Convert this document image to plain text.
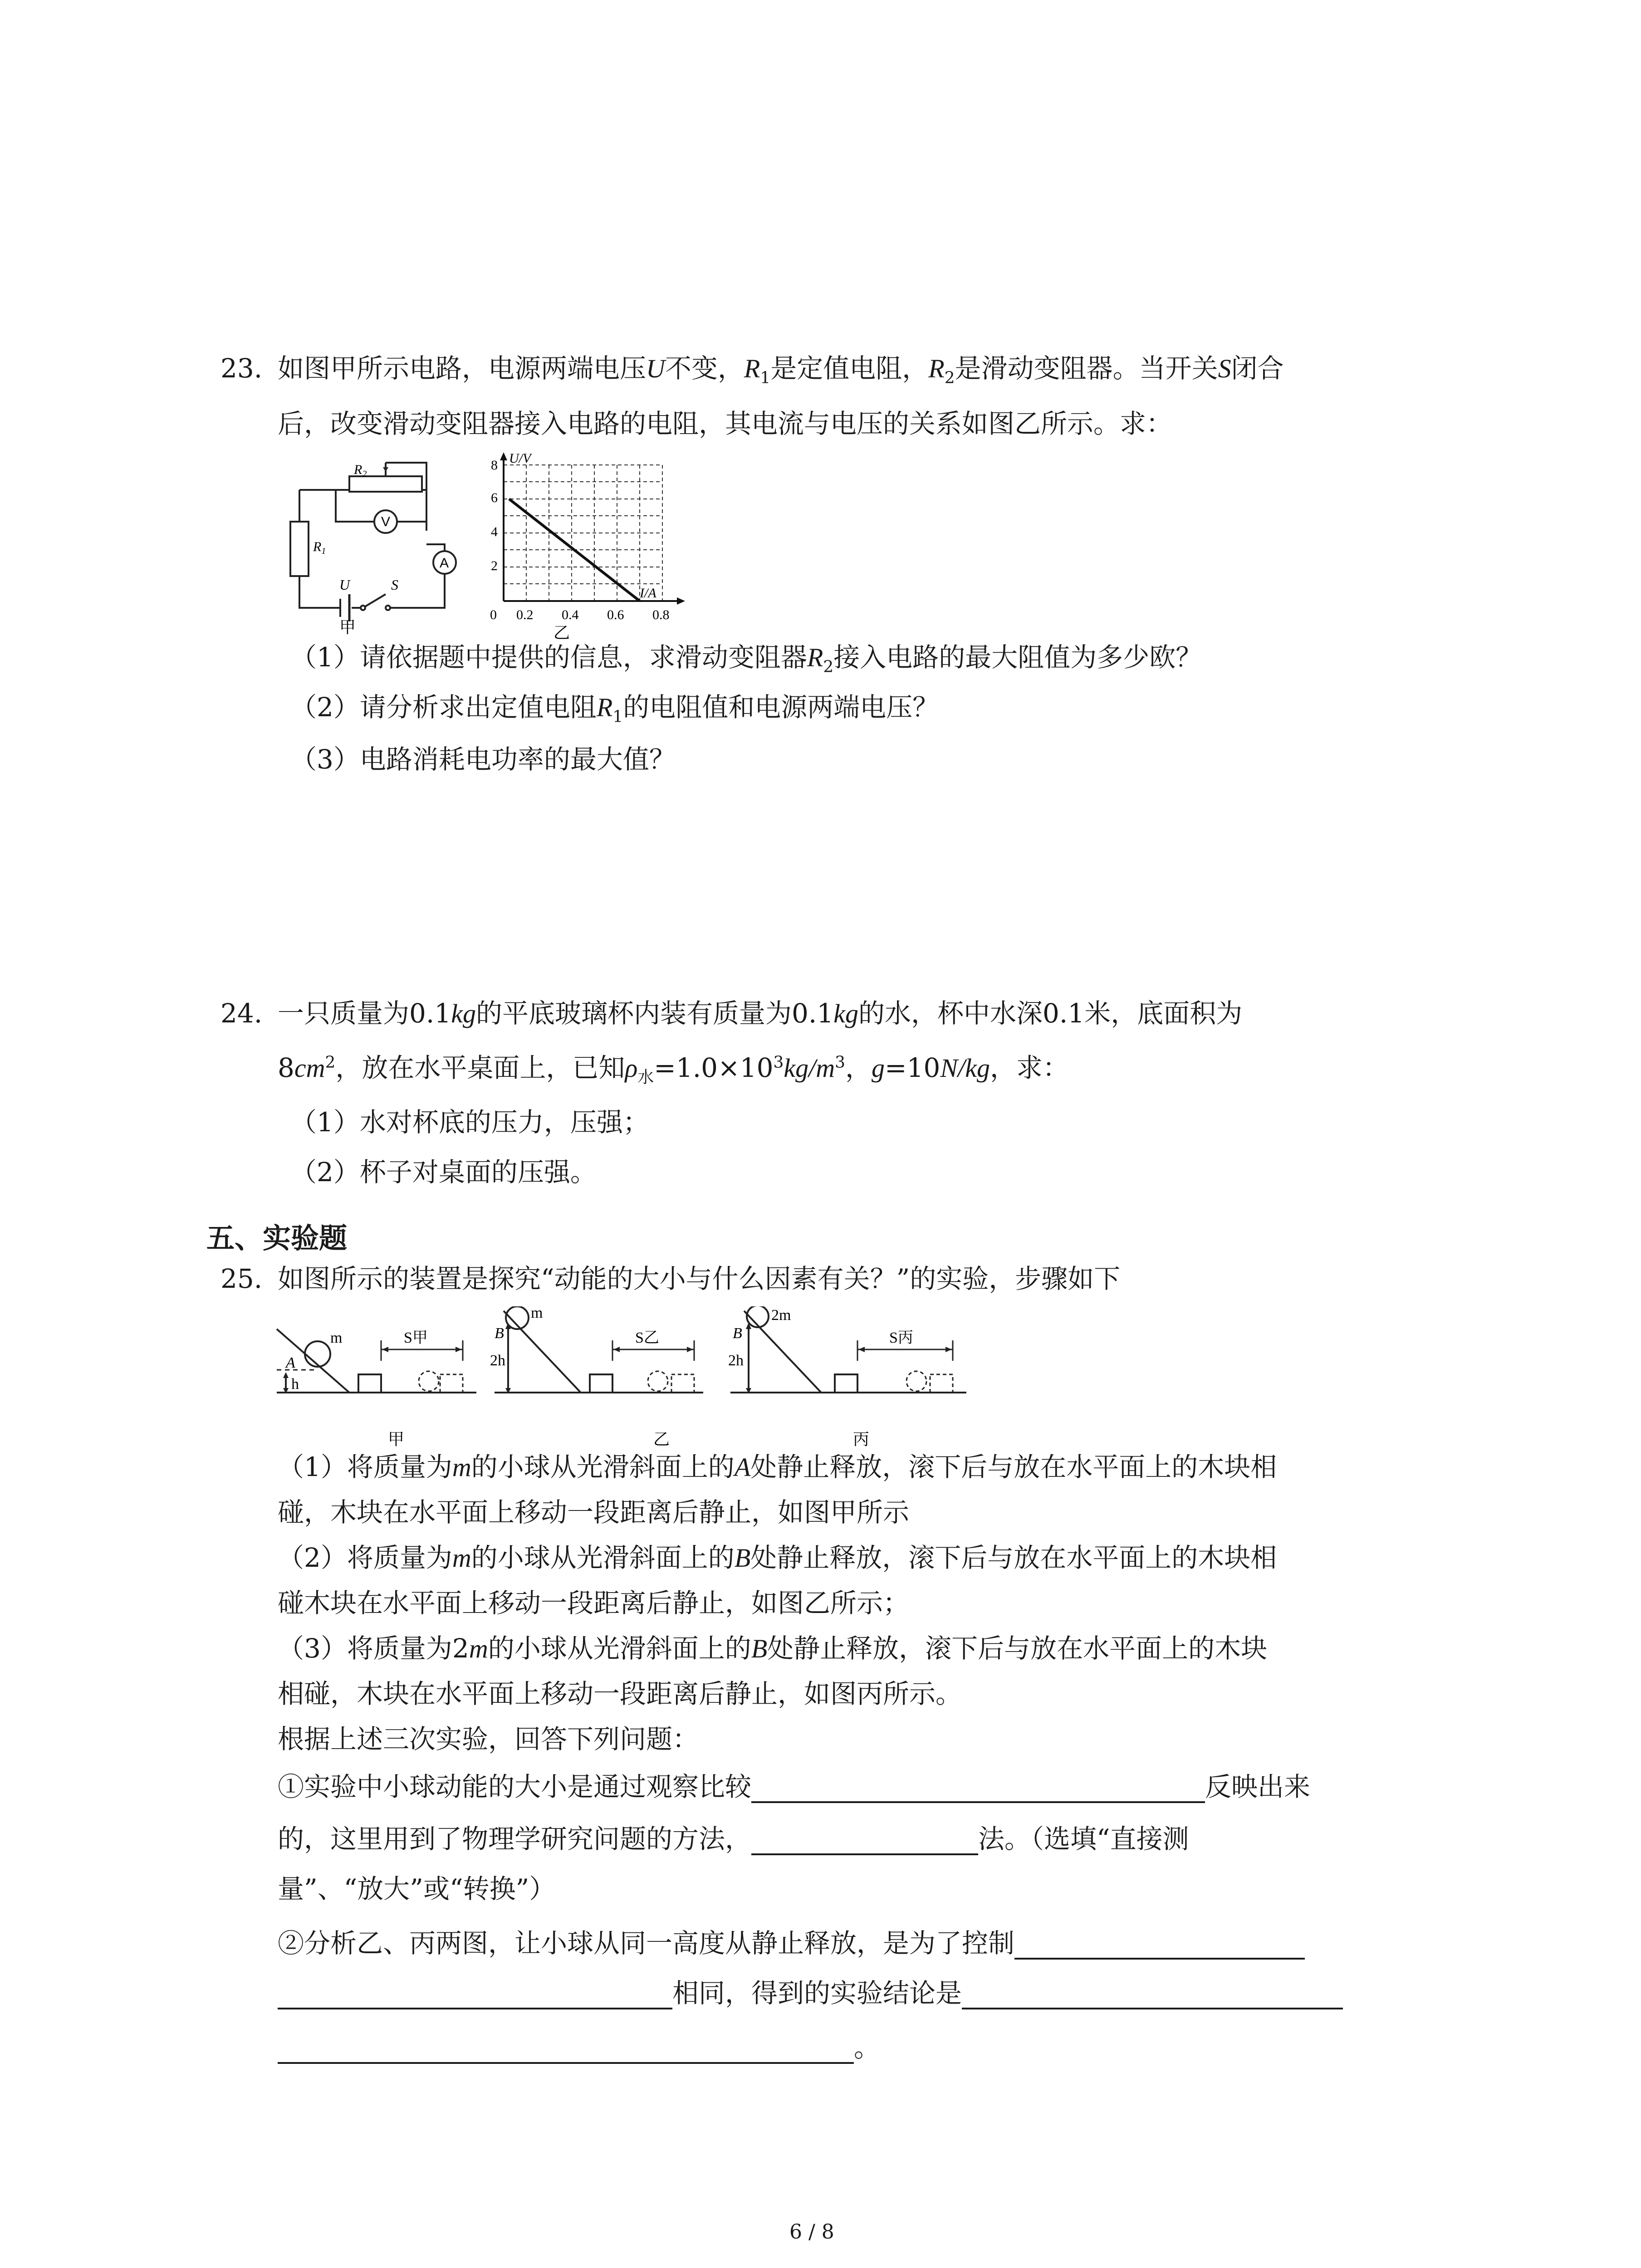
23. 如图甲所示电路，电源两端电压U不变，$R_1$是定值电阻，$R_2$是滑动变阻器。当开关S闭合
后，改变滑动变阻器接入电路的电阻，其电流与电压的关系如图乙所示。求：
$R_2$
V
A
$R_1$
U	S
甲
U/V
I/A
2
4
6
8
0 0.2 0.4 0.6 0.8
乙
（1）请依据题中提供的信息，求滑动变阻器$R_2$接入电路的最大阻值为多少欧？
（2）请分析求出定值电阻$R_1$的电阻值和电源两端电压？
（3）电路消耗电功率的最大值？
24. 一只质量为0.1kg的平底玻璃杯内装有质量为0.1kg的水，杯中水深0.1米，底面积为
$8cm^2$，放在水平桌面上，已知$\rho_水=1.0\times 10^3kg/m^3$，g=10N/kg，求：
（1）水对杯底的压力，压强；
（2）杯子对桌面的压强。
五、实验题
25. 如图所示的装置是探究“动能的大小与什么因素有关？”的实验，步骤如下
m
A
h
S甲
甲
m
B
2h
S乙
乙
2m
B
2h
S丙
丙
（1）将质量为m的小球从光滑斜面上的A处静止释放，滚下后与放在水平面上的木块相
碰，木块在水平面上移动一段距离后静止，如图甲所示
（2）将质量为m的小球从光滑斜面上的B处静止释放，滚下后与放在水平面上的木块相
碰木块在水平面上移动一段距离后静止，如图乙所示；
（3）将质量为2m的小球从光滑斜面上的B处静止释放，滚下后与放在水平面上的木块
相碰，木块在水平面上移动一段距离后静止，如图丙所示。
根据上述三次实验，回答下列问题：
①实验中小球动能的大小是通过观察比较	反映出来
的，这里用到了物理学研究问题的方法，	法。（选填“直接测
量”、“放大”或“转换”）
②分析乙、丙两图，让小球从同一高度从静止释放，是为了控制
相同，得到的实验结论是
。
6 / 8
